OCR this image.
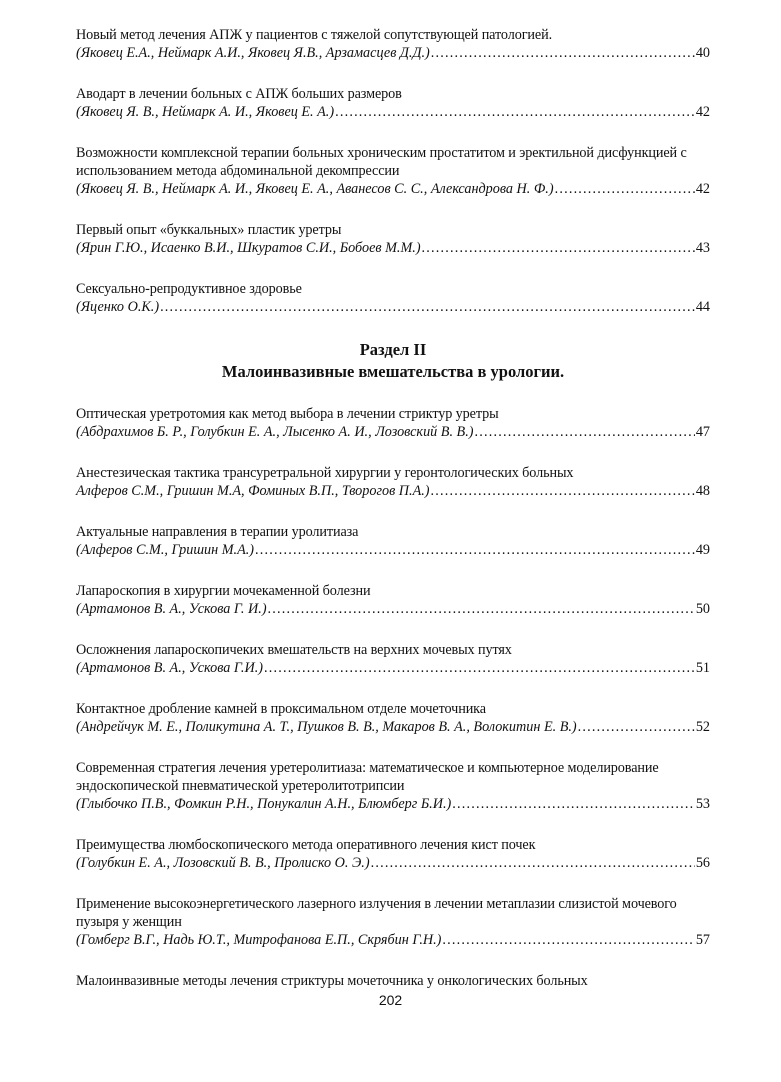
Новый метод лечения АПЖ у пациентов с тяжелой сопутствующей патологией.
(Яковец Е.А., Неймарк А.И., Яковец Я.В., Арзамасцев Д.Д.) .....	40
Аводарт в лечении больных с АПЖ больших размеров
(Яковец Я. В., Неймарк А. И., Яковец Е. А.) .....	42
Возможности комплексной терапии больных хроническим простатитом и эректильной дисфункцией с использованием метода абдоминальной декомпрессии
(Яковец Я. В., Неймарк А. И., Яковец Е. А., Аванесов С. С., Александрова Н. Ф.) .....	42
Первый опыт «буккальных» пластик уретры
(Ярин Г.Ю., Исаенко В.И., Шкуратов С.И., Бобоев М.М.) .....	43
Сексуально-репродуктивное здоровье
(Яценко О.К.) .....	44
Раздел II
Малоинвазивные вмешательства в урологии.
Оптическая уретротомия как метод выбора в лечении стриктур уретры
(Абдрахимов Б. Р., Голубкин Е. А., Лысенко А. И., Лозовский В. В.) .....	47
Анестезическая тактика трансуретральной хирургии у геронтологических больных
Алферов С.М., Гришин М.А, Фоминых В.П., Творогов П.А.) .....	48
Актуальные направления в терапии уролитиаза
(Алферов С.М., Гришин М.А.) .....	49
Лапароскопия в хирургии мочекаменной болезни
(Артамонов В. А., Ускова Г. И.) .....	50
Осложнения лапароскопичеких вмешательств на верхних мочевых путях
(Артамонов В. А., Ускова Г.И.) .....	51
Контактное дробление камней в проксимальном отделе мочеточника
(Андрейчук М. Е., Поликутина А. Т., Пушков В. В., Макаров В. А., Волокитин Е. В.) .....	52
Современная стратегия лечения уретеролитиаза: математическое и компьютерное моделирование эндоскопической пневматической уретеролитотрипсии
(Глыбочко П.В., Фомкин Р.Н., Понукалин А.Н., Блюмберг Б.И.) .....	53
Преимущества люмбоскопического метода оперативного лечения кист почек
(Голубкин Е. А., Лозовский В. В., Пролиско О. Э.) .....	56
Применение высокоэнергетического лазерного излучения в лечении метаплазии слизистой мочевого пузыря у женщин
(Гомберг В.Г., Надь Ю.Т., Митрофанова Е.П., Скрябин Г.Н.) .....	57
Малоинвазивные методы лечения стриктуры мочеточника у онкологических больных
202
